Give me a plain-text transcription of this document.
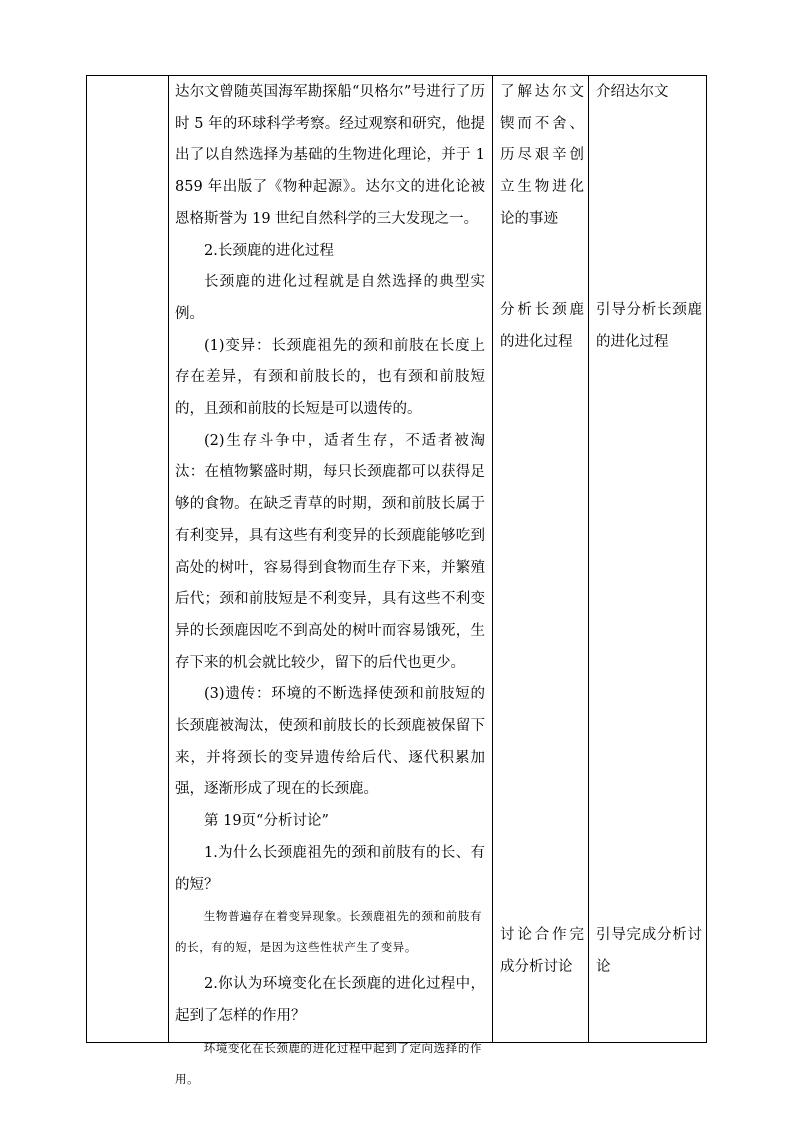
达尔文曾随英国海军勘探船“贝格尔”号进行了历时 5 年的环球科学考察。经过观察和研究，他提出了以自然选择为基础的生物进化理论，并于 1859 年出版了《物种起源》。达尔文的进化论被恩格斯誉为 19 世纪自然科学的三大发现之一。

2.长颈鹿的进化过程

长颈鹿的进化过程就是自然选择的典型实例。

(1)变异：长颈鹿祖先的颈和前肢在长度上存在差异，有颈和前肢长的，也有颈和前肢短的，且颈和前肢的长短是可以遗传的。

(2)生存斗争中，适者生存，不适者被淘汰：在植物繁盛时期，每只长颈鹿都可以获得足够的食物。在缺乏青草的时期，颈和前肢长属于有利变异，具有这些有利变异的长颈鹿能够吃到高处的树叶，容易得到食物而生存下来，并繁殖后代；颈和前肢短是不利变异，具有这些不利变异的长颈鹿因吃不到高处的树叶而容易饿死，生存下来的机会就比较少，留下的后代也更少。

(3)遗传：环境的不断选择使颈和前肢短的长颈鹿被淘汰，使颈和前肢长的长颈鹿被保留下来，并将颈长的变异遗传给后代、逐代积累加强，逐渐形成了现在的长颈鹿。

第 19页“分析讨论”

1.为什么长颈鹿祖先的颈和前肢有的长、有的短？

生物普遍存在着变异现象。长颈鹿祖先的颈和前肢有的长，有的短，是因为这些性状产生了变异。

2.你认为环境变化在长颈鹿的进化过程中，起到了怎样的作用？

环境变化在长颈鹿的进化过程中起到了定向选择的作用。

了解达尔文锲而不舍、历尽艰辛创立生物进化论的事迹

分析长颈鹿的进化过程

讨论合作完成分析讨论

介绍达尔文

引导分析长颈鹿的进化过程

引导完成分析讨论
